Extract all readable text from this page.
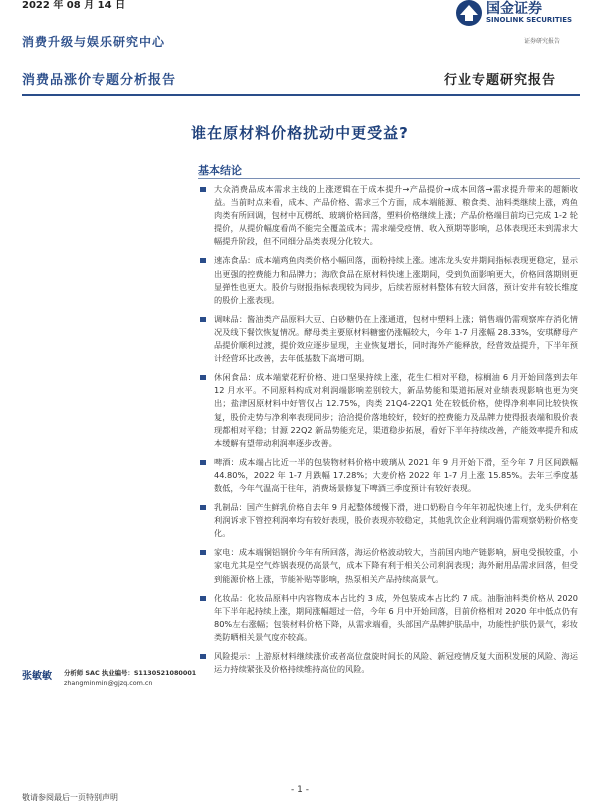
2022 年 08 月 14 日
消费升级与娱乐研究中心
国金证券
SINOLINK SECURITIES
证券研究报告
消费品涨价专题分析报告	行业专题研究报告
谁在原材料价格扰动中更受益?
基本结论
大众消费品成本需求主线的上涨逻辑在于成本提升→产品提价→成本回落→需求提升带来的超额收益。当前时点来看，成本、产品价格、需求三个方面，成本端能源、粮食类、油料类继续上涨，鸡鱼肉类有所回调，包材中瓦楞纸、玻璃价格回落，塑料价格继续上涨；产品价格端目前均已完成 1-2 轮提价，从提价幅度看尚不能完全覆盖成本；需求端受疫情、收入预期等影响，总体表现还未到需求大幅提升阶段，但不同细分品类表现分化较大。
速冻食品：成本端鸡鱼肉类价格小幅回落，面粉持续上涨。速冻龙头安井期间指标表现更稳定，显示出更强的控费能力和品牌力；海欣食品在原材料快速上涨期间，受到负面影响更大，价格回落期则更显弹性也更大。股价与财报指标表现较为同步，后续若原材料整体有较大回落，预计安井有较长维度的股价上涨表现。
调味品：酱油类产品原料大豆、白砂糖仍在上涨通道，包材中塑料上涨；销售端仍需观察库存消化情况及线下餐饮恢复情况。酵母类主要原材料糖蜜仍涨幅较大，今年 1-7 月涨幅 28.33%，安琪酵母产品提价顺利过渡，提价效应逐步显现，主业恢复增长，同时海外产能释放，经营效益提升，下半年预计经营环比改善，去年低基数下高增可期。
休闲食品：成本端蒙花籽价格、进口坚果持续上涨，花生仁相对平稳，棕榈油 6 月开始回落到去年 12 月水平。不同原料构成对利润端影响差别较大，新品势能和渠道拓展对业绩表现影响也更为突出；盐津因原材料中好管仅占 12.75%，肉类 21Q4-22Q1 处在较低价格，使得净利率同比较快恢复，股价走势与净利率表现同步；洽洽提价落地较好，较好的控费能力及品牌力使得报表端和股价表现都相对平稳；甘源 22Q2 新品势能充足，渠道稳步拓展，看好下半年持续改善，产能效率提升和成本缓解有望带动利润率逐步改善。
啤酒：成本端占比近一半的包装物材料价格中玻璃从 2021 年 9 月开始下滑，至今年 7 月区间跌幅 44.80%，2022 年 1-7 月跌幅 17.28%；大麦价格 2022 年 1-7 月上涨 15.85%。去年三季度基数低，今年气温高于往年，消费场景修复下啤酒三季度预计有较好表现。
乳制品：国产生鲜乳价格自去年 9 月起整体缓慢下滑，进口奶粉自今年年初起快速上行，龙头伊利在利润诉求下管控利润率均有较好表现，股价表现亦较稳定，其他乳饮企业利润端仍需观察奶粉价格变化。
家电：成本端铜铝钢价今年有所回落，海运价格波动较大，当前国内地产链影响，厨电受损较重，小家电尤其是空气炸锅表现仍高景气，成本下降有利于相关公司利润表现；海外耐用品需求回落，但受到能源价格上涨，节能补贴等影响，热泵相关产品持续高景气。
化妆品：化妆品原料中内容物成本占比约 3 成，外包装成本占比约 7 成。油脂油料类价格从 2020 年下半年起持续上涨，期间涨幅超过一倍，今年 6 月中开始回落，目前价格相对 2020 年中低点仍有 80%左右涨幅；包装材料价格下降，从需求端看，头部国产品牌护肤品中，功能性护肤仍景气，彩妆类防晒相关景气度亦较高。
风险提示：上游原材料继续涨价或者高位盘旋时间长的风险、新冠疫情反复大面积发展的风险、海运运力持续紧张及价格持续维持高位的风险。
张敏敏 分析师 SAC 执业编号：S1130521080001
zhangminmin@gjzq.com.cn
- 1 -
敬请参阅最后一页特别声明
